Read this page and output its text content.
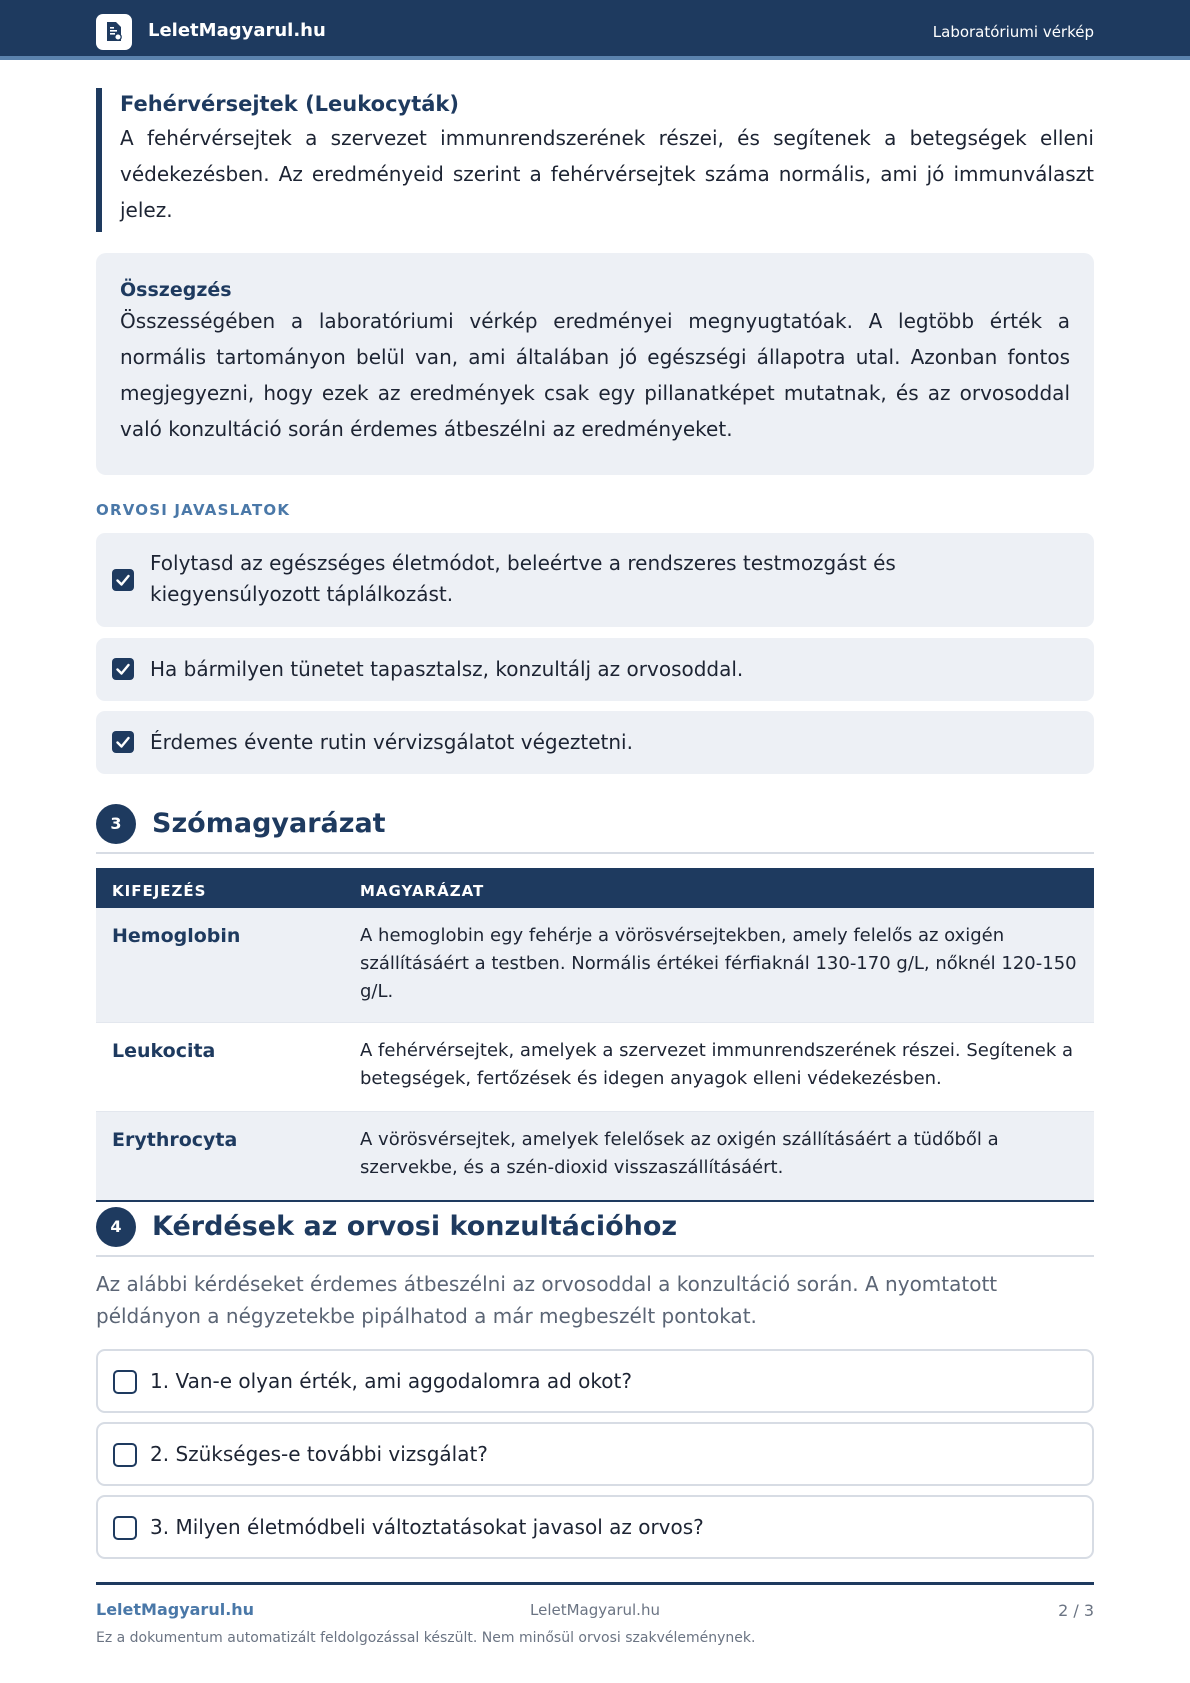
LeletMagyarul.hu	Laboratóriumi vérkép
Fehérvérsejtek (Leukocyták)

A fehérvérsejtek a szervezet immunrendszerének részei, és segítenek a betegségek elleni védekezésben. Az eredményeid szerint a fehérvérsejtek száma normális, ami jó immunválaszt jelez.

Összegzés

Összességében a laboratóriumi vérkép eredményei megnyugtatóak. A legtöbb érték a normális tartományon belül van, ami általában jó egészségi állapotra utal. Azonban fontos megjegyezni, hogy ezek az eredmények csak egy pillanatképet mutatnak, és az orvosoddal való konzultáció során érdemes átbeszélni az eredményeket.

ORVOSI JAVASLATOK
Folytasd az egészséges életmódot, beleértve a rendszeres testmozgást és kiegyensúlyozott táplálkozást.
Ha bármilyen tünetet tapasztalsz, konzultálj az orvosoddal.
Érdemes évente rutin vérvizsgálatot végeztetni.
3	Szómagyarázat
KIFEJEZÉS	MAGYARÁZAT
Hemoglobin	A hemoglobin egy fehérje a vörösvérsejtekben, amely felelős az oxigén szállításáért a testben. Normális értékei férfiaknál 130-170 g/L, nőknél 120-150 g/L.
Leukocita	A fehérvérsejtek, amelyek a szervezet immunrendszerének részei. Segítenek a betegségek, fertőzések és idegen anyagok elleni védekezésben.
Erythrocyta	A vörösvérsejtek, amelyek felelősek az oxigén szállításáért a tüdőből a szervekbe, és a szén-dioxid visszaszállításáért.
4	Kérdések az orvosi konzultációhoz

Az alábbi kérdéseket érdemes átbeszélni az orvosoddal a konzultáció során. A nyomtatott példányon a négyzetekbe pipálhatod a már megbeszélt pontokat.

1. Van-e olyan érték, ami aggodalomra ad okot?
2. Szükséges-e további vizsgálat?
3. Milyen életmódbeli változtatásokat javasol az orvos?
LeletMagyarul.hu	LeletMagyarul.hu	2 / 3
Ez a dokumentum automatizált feldolgozással készült. Nem minősül orvosi szakvéleménynek.
